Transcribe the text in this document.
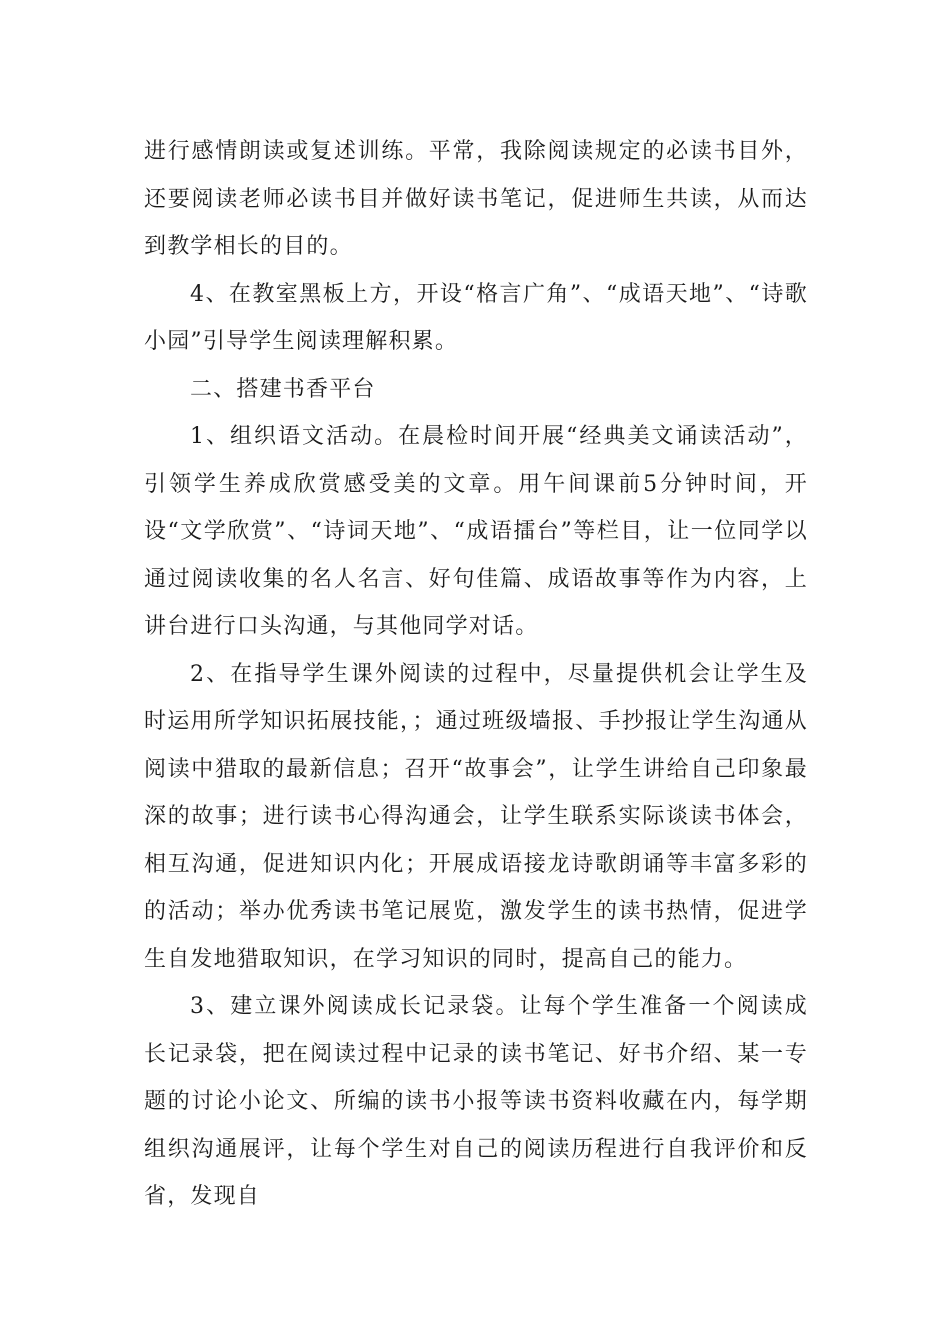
进行感情朗读或复述训练。平常，我除阅读规定的必读书目外，还要阅读老师必读书目并做好读书笔记，促进师生共读，从而达到教学相长的目的。

4、在教室黑板上方，开设“格言广角”、“成语天地”、“诗歌小园”引导学生阅读理解积累。

二、搭建书香平台

1、组织语文活动。在晨检时间开展“经典美文诵读活动”，引领学生养成欣赏感受美的文章。用午间课前5分钟时间，开设“文学欣赏”、“诗词天地”、“成语擂台”等栏目，让一位同学以通过阅读收集的名人名言、好句佳篇、成语故事等作为内容，上讲台进行口头沟通，与其他同学对话。

2、在指导学生课外阅读的过程中，尽量提供机会让学生及时运用所学知识拓展技能，；通过班级墙报、手抄报让学生沟通从阅读中猎取的最新信息；召开“故事会”，让学生讲给自己印象最深的故事；进行读书心得沟通会，让学生联系实际谈读书体会，相互沟通，促进知识内化；开展成语接龙诗歌朗诵等丰富多彩的的活动；举办优秀读书笔记展览，激发学生的读书热情，促进学生自发地猎取知识，在学习知识的同时，提高自己的能力。

3、建立课外阅读成长记录袋。让每个学生准备一个阅读成长记录袋，把在阅读过程中记录的读书笔记、好书介绍、某一专题的讨论小论文、所编的读书小报等读书资料收藏在内，每学期组织沟通展评，让每个学生对自己的阅读历程进行自我评价和反省，发现自
